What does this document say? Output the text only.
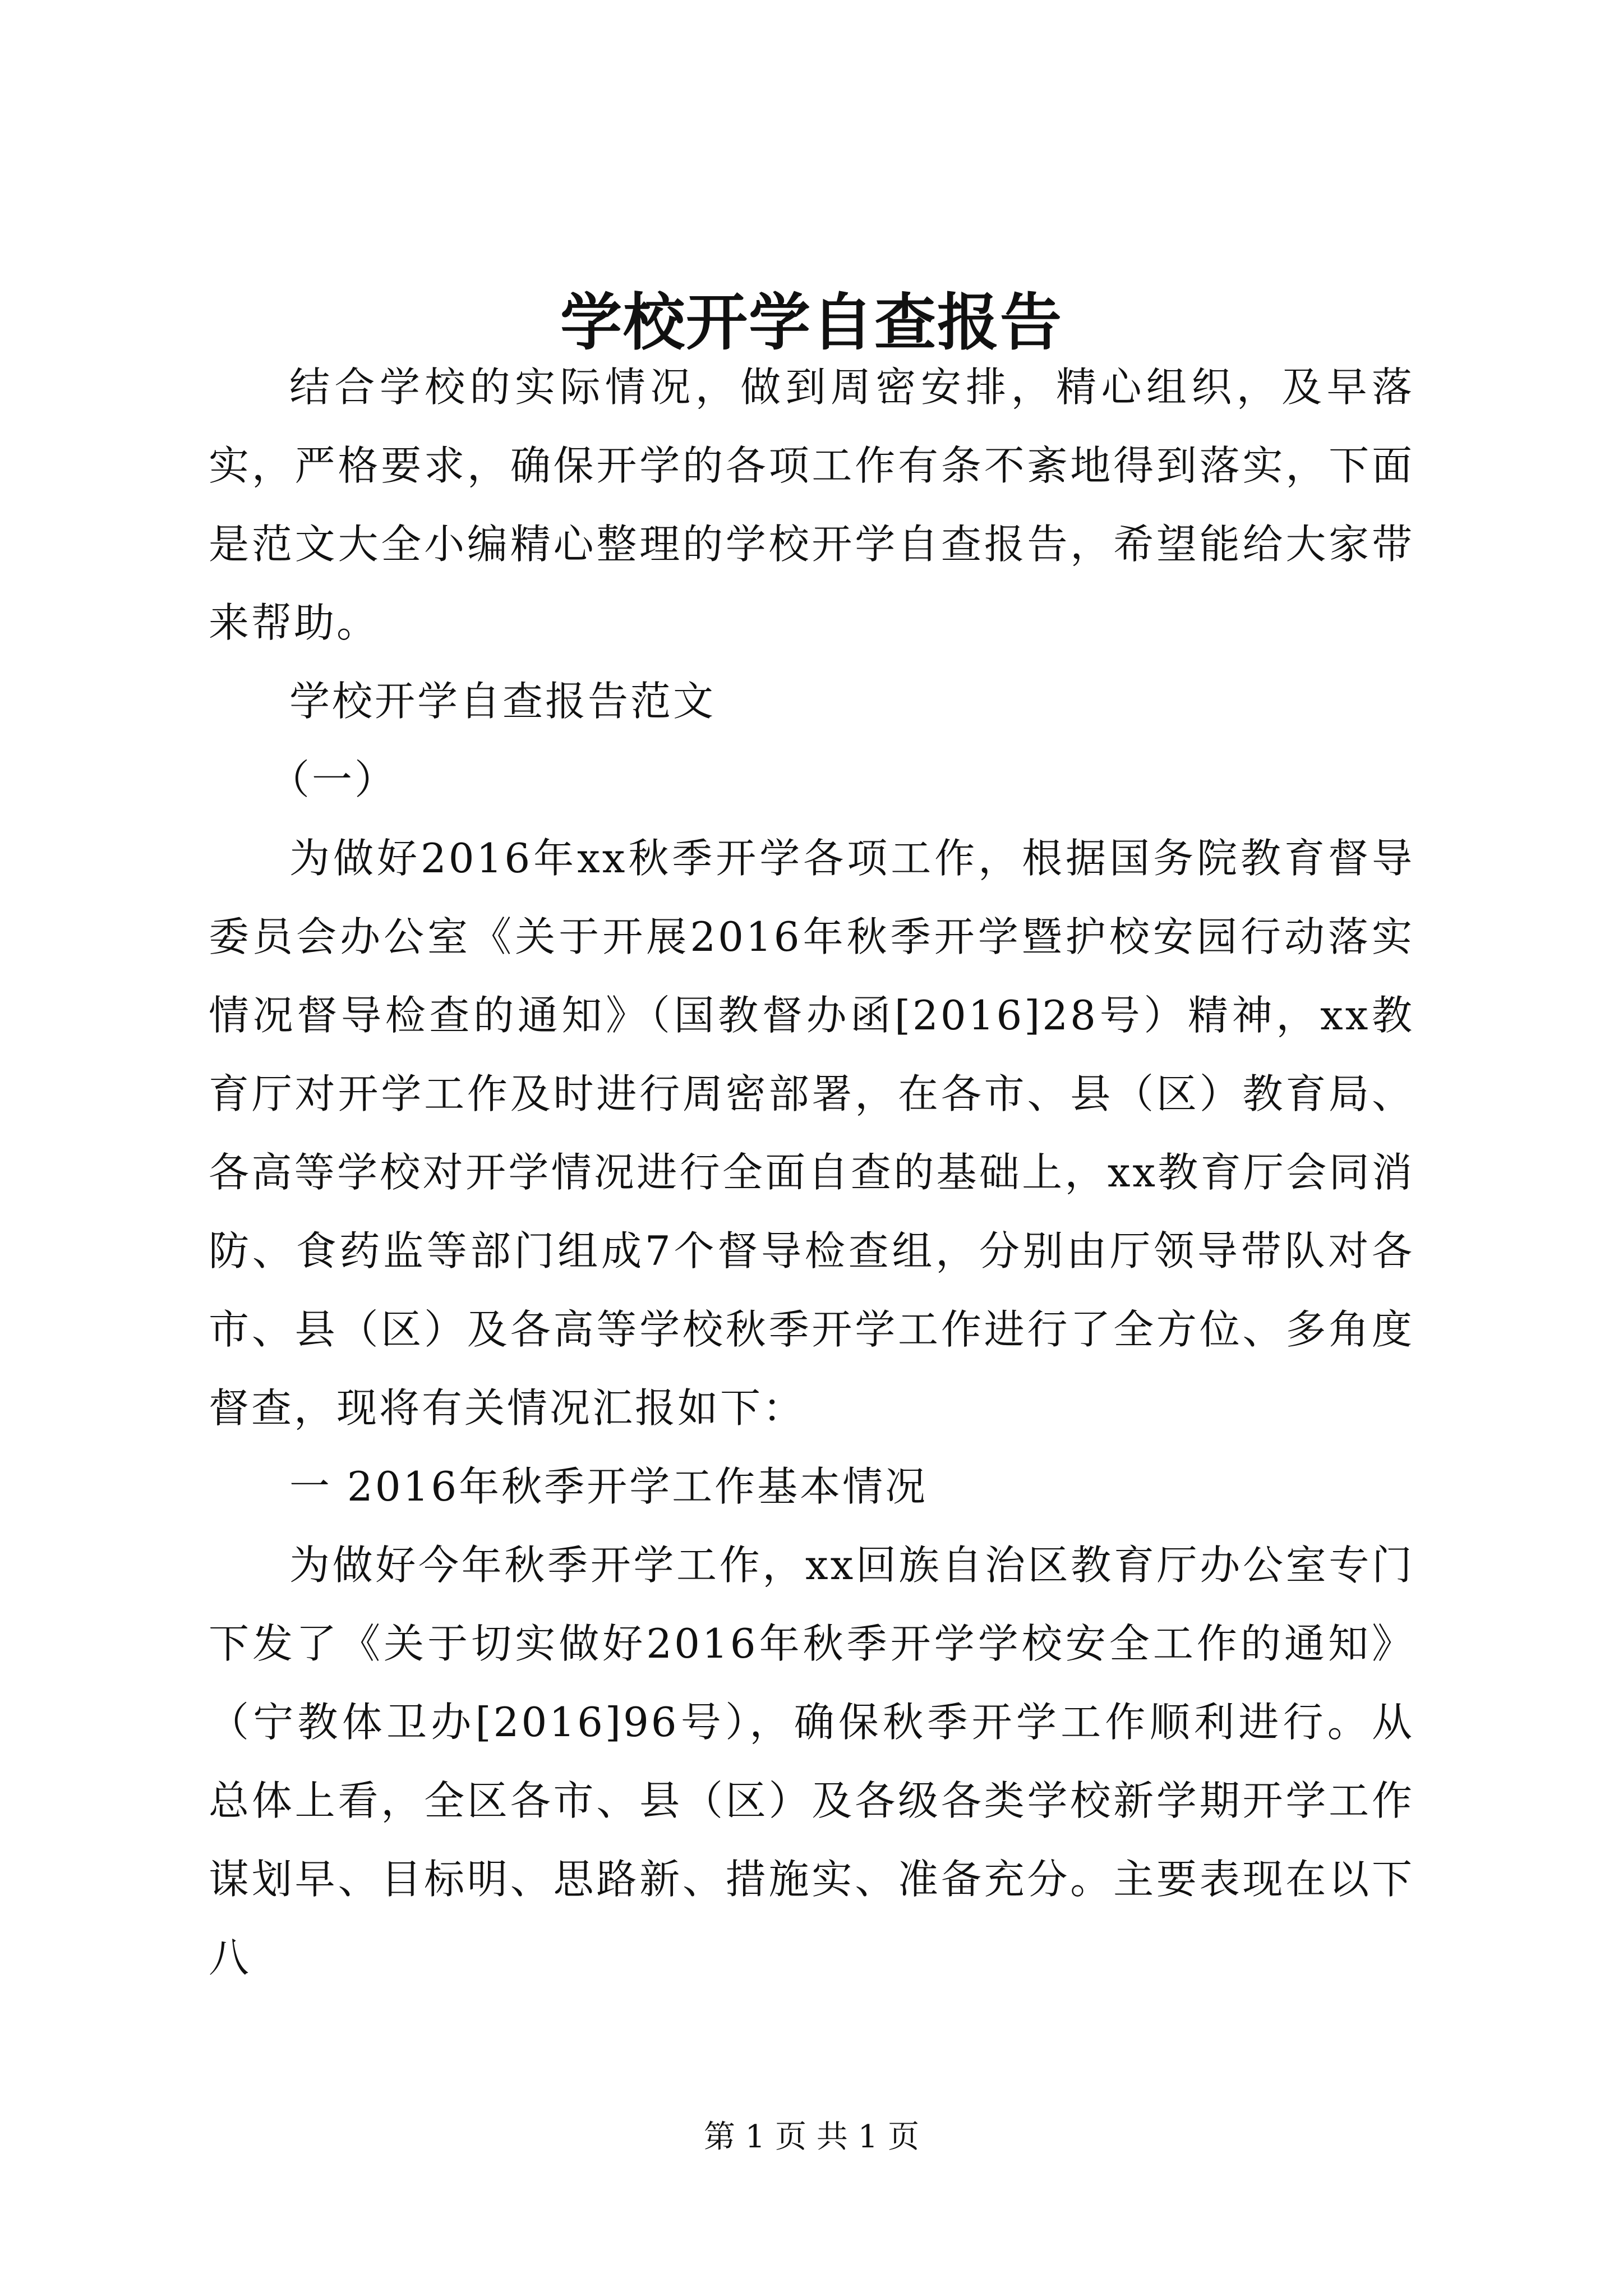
学校开学自查报告

结合学校的实际情况，做到周密安排，精心组织，及早落实，严格要求，确保开学的各项工作有条不紊地得到落实，下面是范文大全小编精心整理的学校开学自查报告，希望能给大家带来帮助。

学校开学自查报告范文

（一）

为做好2016年xx秋季开学各项工作，根据国务院教育督导委员会办公室《关于开展2016年秋季开学暨护校安园行动落实情况督导检查的通知》（国教督办函[2016]28号）精神，xx教育厅对开学工作及时进行周密部署，在各市、县（区）教育局、各高等学校对开学情况进行全面自查的基础上，xx教育厅会同消防、食药监等部门组成7个督导检查组，分别由厅领导带队对各市、县（区）及各高等学校秋季开学工作进行了全方位、多角度督查，现将有关情况汇报如下：

一 2016年秋季开学工作基本情况

为做好今年秋季开学工作，xx回族自治区教育厅办公室专门下发了《关于切实做好2016年秋季开学学校安全工作的通知》（宁教体卫办[2016]96号），确保秋季开学工作顺利进行。从总体上看，全区各市、县（区）及各级各类学校新学期开学工作谋划早、目标明、思路新、措施实、准备充分。主要表现在以下八

第 1 页 共 1 页
